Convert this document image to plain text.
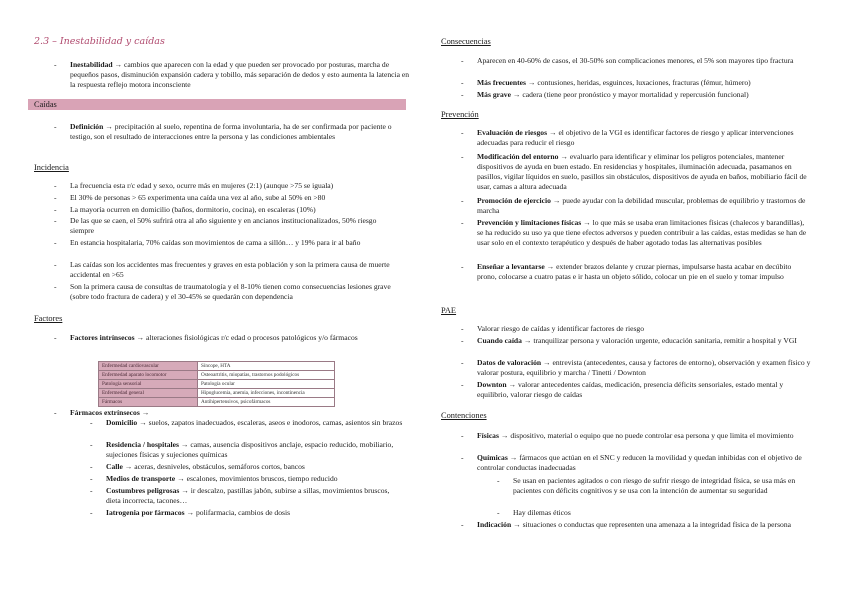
2.3 – Inestabilidad y caídas
- Inestabilidad → cambios que aparecen con la edad y que pueden ser provocado por posturas, marcha de pequeños pasos, disminución expansión cadera y tobillo, más separación de dedos y esto aumenta la latencia en la respuesta reflejo motora inconsciente
Caídas
- Definición → precipitación al suelo, repentina de forma involuntaria, ha de ser confirmada por paciente o testigo, son el resultado de interacciones entre la persona y las condiciones ambientales
Incidencia
- La frecuencia esta r/c edad y sexo, ocurre más en mujeres (2:1) (aunque >75 se iguala)
- El 30% de personas > 65 experimenta una caída una vez al año, sube al 50% en >80
- La mayoría ocurren en domicilio (baños, dormitorio, cocina), en escaleras (10%)
- De las que se caen, el 50% sufrirá otra al año siguiente y en ancianos institucionalizados, 50% riesgo siempre
- En estancia hospitalaria, 70% caídas son movimientos de cama a sillón… y 19% para ir al baño
- Las caídas son los accidentes mas frecuentes y graves en esta población y son la primera causa de muerte accidental en >65
- Son la primera causa de consultas de traumatología y el 8-10% tienen como consecuencias lesiones grave (sobre todo fractura de cadera) y el 30-45% se quedarán con dependencia
Factores
- Factores intrínsecos → alteraciones fisiológicas r/c edad o procesos patológicos y/o fármacos
Enfermedad cardiovascular	Síncope, HTA
Enfermedad aparato locomotor	Osteoartritis, miopatías, trastornos podológicos
Patología sensorial	Patología ocular
Enfermedad general	Hipoglucemia, anemia, infecciones, incontinencia
Fármacos	Antihipertensivos, psicofármacos
- Fármacos extrínsecos →
- Domicilio → suelos, zapatos inadecuados, escaleras, aseos e inodoros, camas, asientos sin brazos
- Residencia / hospitales → camas, ausencia dispositivos anclaje, espacio reducido, mobiliario, sujeciones físicas y sujeciones químicas
- Calle → aceras, desniveles, obstáculos, semáforos cortos, bancos
- Medios de transporte → escalones, movimientos bruscos, tiempo reducido
- Costumbres peligrosas → ir descalzo, pastillas jabón, subirse a sillas, movimientos bruscos, dieta incorrecta, tacones…
- Iatrogenia por fármacos → polifarmacia, cambios de dosis
Consecuencias
- Aparecen en 40-60% de casos, el 30-50% son complicaciones menores, el 5% son mayores tipo fractura
- Más frecuentes → contusiones, heridas, esguinces, luxaciones, fracturas (fémur, húmero)
- Más grave → cadera (tiene peor pronóstico y mayor mortalidad y repercusión funcional)
Prevención
- Evaluación de riesgos → el objetivo de la VGI es identificar factores de riesgo y aplicar intervenciones adecuadas para reducir el riesgo
- Modificación del entorno → evaluarlo para identificar y eliminar los peligros potenciales, mantener dispositivos de ayuda en buen estado. En residencias y hospitales, iluminación adecuada, pasamanos en pasillos, vigilar líquidos en suelo, pasillos sin obstáculos, dispositivos de ayuda en baños, mobiliario fácil de usar, camas a altura adecuada
- Promoción de ejercicio → puede ayudar con la debilidad muscular, problemas de equilibrio y trastornos de marcha
- Prevención y limitaciones físicas → lo que más se usaba eran limitaciones físicas (chalecos y barandillas), se ha reducido su uso ya que tiene efectos adversos y pueden contribuir a las caídas, estas medidas se han de usar solo en el contexto terapéutico y después de haber agotado todas las alternativas posibles
- Enseñar a levantarse → extender brazos delante y cruzar piernas, impulsarse hasta acabar en decúbito prono, colocarse a cuatro patas e ir hasta un objeto sólido, colocar un pie en el suelo y tomar impulso
PAE
- Valorar riesgo de caídas y identificar factores de riesgo
- Cuando caída → tranquilizar persona y valoración urgente, educación sanitaria, remitir a hospital y VGI
- Datos de valoración → entrevista (antecedentes, causa y factores de entorno), observación y examen físico y valorar postura, equilibrio y marcha / Tinetti / Downton
- Downton → valorar antecedentes caídas, medicación, presencia déficits sensoriales, estado mental y equilibrio, valorar riesgo de caídas
Contenciones
- Físicas → dispositivo, material o equipo que no puede controlar esa persona y que limita el movimiento
- Químicas → fármacos que actúan en el SNC y reducen la movilidad y quedan inhibidas con el objetivo de controlar conductas inadecuadas
- Se usan en pacientes agitados o con riesgo de sufrir riesgo de integridad física, se usa más en pacientes con déficits cognitivos y se usa con la intención de aumentar su seguridad
- Hay dilemas éticos
- Indicación → situaciones o conductas que representen una amenaza a la integridad física de la persona
